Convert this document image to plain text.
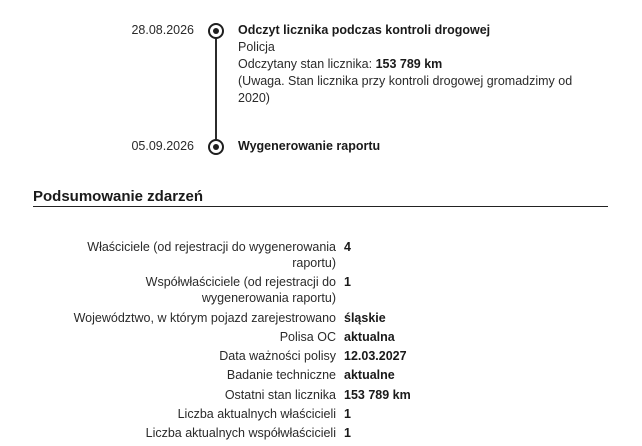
28.08.2026	Odczyt licznika podczas kontroli drogowej
Policja
Odczytany stan licznika: 153 789 km
(Uwaga. Stan licznika przy kontroli drogowej gromadzimy od 2020)
05.09.2026	Wygenerowanie raportu
Podsumowanie zdarzeń
Właściciele (od rejestracji do wygenerowania raportu)
4
Współwłaściciele (od rejestracji do wygenerowania raportu)
1
Województwo, w którym pojazd zarejestrowano śląskie
Polisa OC aktualna
Data ważności polisy 12.03.2027
Badanie techniczne aktualne
Ostatni stan licznika 153 789 km
Liczba aktualnych właścicieli 1
Liczba aktualnych współwłaścicieli 1
